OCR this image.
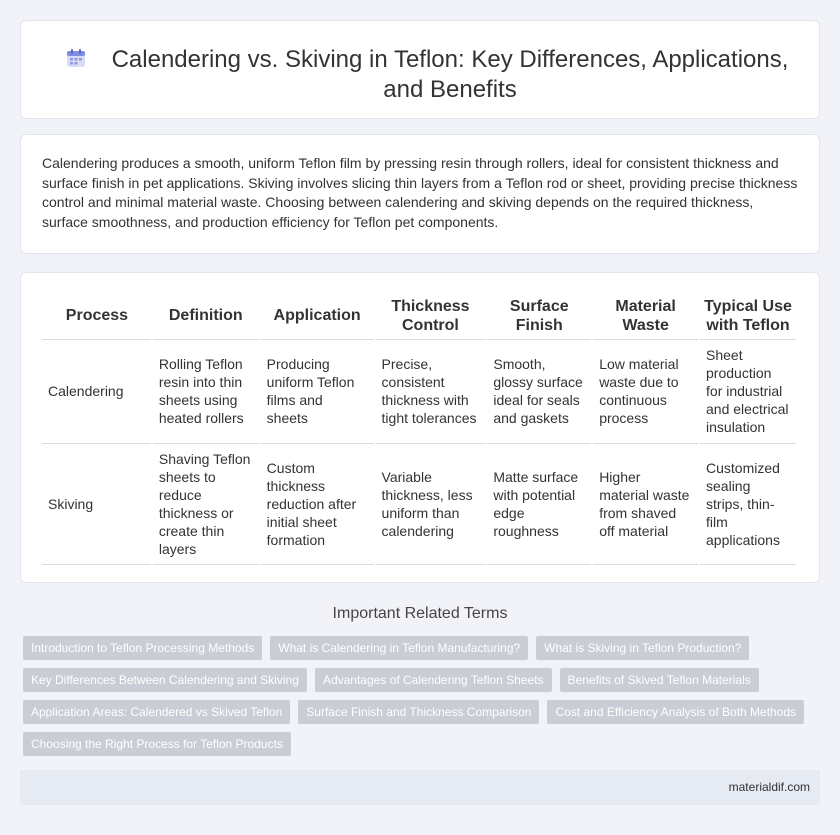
Calendering vs. Skiving in Teflon: Key Differences, Applications, and Benefits

Calendering produces a smooth, uniform Teflon film by pressing resin through rollers, ideal for consistent thickness and surface finish in pet applications. Skiving involves slicing thin layers from a Teflon rod or sheet, providing precise thickness control and minimal material waste. Choosing between calendering and skiving depends on the required thickness, surface smoothness, and production efficiency for Teflon pet components.

Process	Definition	Application	Thickness Control	Surface Finish	Material Waste	Typical Use with Teflon
Calendering	Rolling Teflon resin into thin sheets using heated rollers	Producing uniform Teflon films and sheets	Precise, consistent thickness with tight tolerances	Smooth, glossy surface ideal for seals and gaskets	Low material waste due to continuous process	Sheet production for industrial and electrical insulation
Skiving	Shaving Teflon sheets to reduce thickness or create thin layers	Custom thickness reduction after initial sheet formation	Variable thickness, less uniform than calendering	Matte surface with potential edge roughness	Higher material waste from shaved off material	Customized sealing strips, thin-film applications
Important Related Terms
Introduction to Teflon Processing Methods	What is Calendering in Teflon Manufacturing?	What is Skiving in Teflon Production?
Key Differences Between Calendering and Skiving	Advantages of Calendering Teflon Sheets	Benefits of Skived Teflon Materials
Application Areas: Calendered vs Skived Teflon	Surface Finish and Thickness Comparison	Cost and Efficiency Analysis of Both Methods
Choosing the Right Process for Teflon Products
materialdif.com
